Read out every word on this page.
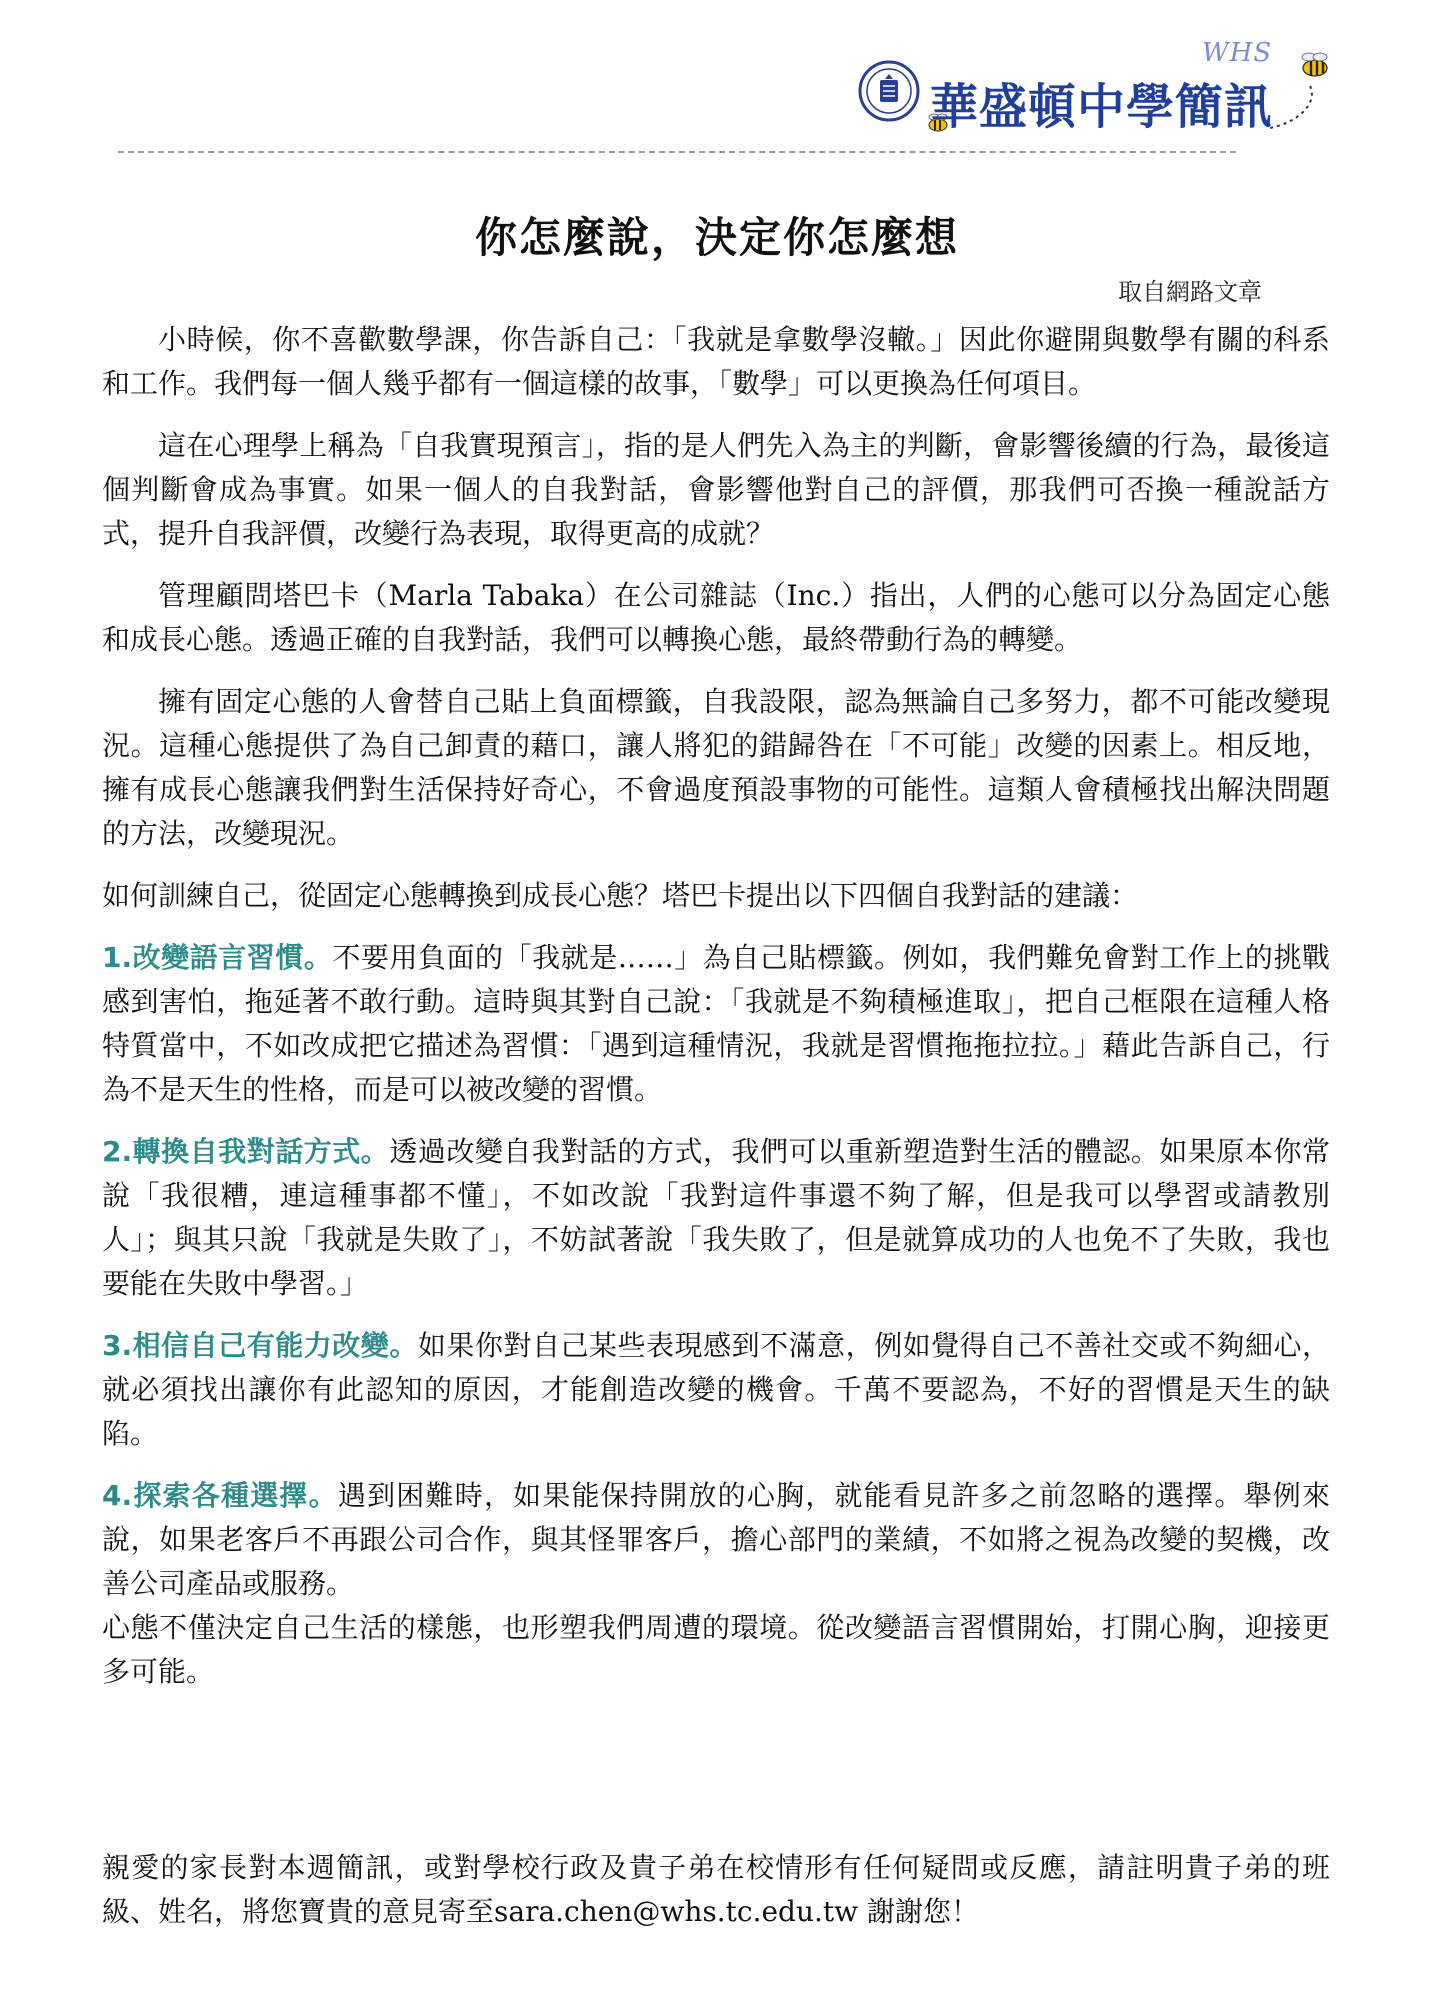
WHS
華盛頓中學簡訊
你怎麼說，決定你怎麼想
取自網路文章

小時候，你不喜歡數學課，你告訴自己：「我就是拿數學沒轍。」因此你避開與數學有關的科系和工作。我們每一個人幾乎都有一個這樣的故事，「數學」可以更換為任何項目。

這在心理學上稱為「自我實現預言」，指的是人們先入為主的判斷，會影響後續的行為，最後這個判斷會成為事實。如果一個人的自我對話，會影響他對自己的評價，那我們可否換一種說話方式，提升自我評價，改變行為表現，取得更高的成就？

管理顧問塔巴卡（Marla Tabaka）在公司雜誌（Inc.）指出，人們的心態可以分為固定心態和成長心態。透過正確的自我對話，我們可以轉換心態，最終帶動行為的轉變。

擁有固定心態的人會替自己貼上負面標籤，自我設限，認為無論自己多努力，都不可能改變現況。這種心態提供了為自己卸責的藉口，讓人將犯的錯歸咎在「不可能」改變的因素上。相反地，擁有成長心態讓我們對生活保持好奇心，不會過度預設事物的可能性。這類人會積極找出解決問題的方法，改變現況。

如何訓練自己，從固定心態轉換到成長心態？塔巴卡提出以下四個自我對話的建議：

1.改變語言習慣。不要用負面的「我就是……」為自己貼標籤。例如，我們難免會對工作上的挑戰感到害怕，拖延著不敢行動。這時與其對自己說：「我就是不夠積極進取」，把自己框限在這種人格特質當中，不如改成把它描述為習慣：「遇到這種情況，我就是習慣拖拖拉拉。」藉此告訴自己，行為不是天生的性格，而是可以被改變的習慣。

2.轉換自我對話方式。透過改變自我對話的方式，我們可以重新塑造對生活的體認。如果原本你常說「我很糟，連這種事都不懂」，不如改說「我對這件事還不夠了解，但是我可以學習或請教別人」；與其只說「我就是失敗了」，不妨試著說「我失敗了，但是就算成功的人也免不了失敗，我也要能在失敗中學習。」

3.相信自己有能力改變。如果你對自己某些表現感到不滿意，例如覺得自己不善社交或不夠細心，就必須找出讓你有此認知的原因，才能創造改變的機會。千萬不要認為，不好的習慣是天生的缺陷。

4.探索各種選擇。遇到困難時，如果能保持開放的心胸，就能看見許多之前忽略的選擇。舉例來說，如果老客戶不再跟公司合作，與其怪罪客戶，擔心部門的業績，不如將之視為改變的契機，改善公司產品或服務。

心態不僅決定自己生活的樣態，也形塑我們周遭的環境。從改變語言習慣開始，打開心胸，迎接更多可能。

親愛的家長對本週簡訊，或對學校行政及貴子弟在校情形有任何疑問或反應，請註明貴子弟的班級、姓名，將您寶貴的意見寄至sara.chen@whs.tc.edu.tw 謝謝您！
